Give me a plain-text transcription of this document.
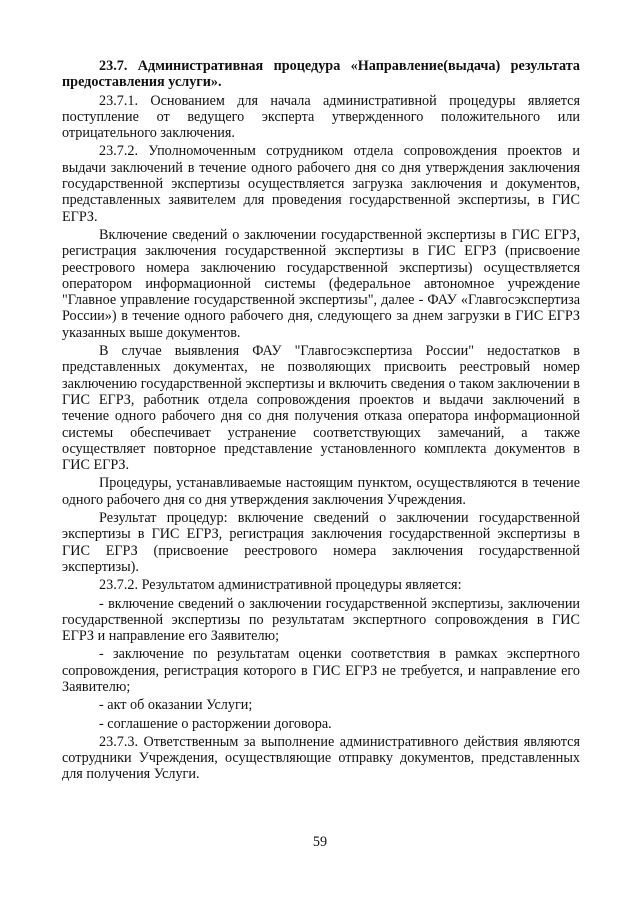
23.7. Административная процедура «Направление(выдача) результата предоставления услуги».

23.7.1. Основанием для начала административной процедуры является поступление от ведущего эксперта утвержденного положительного или отрицательного заключения.

23.7.2. Уполномоченным сотрудником отдела сопровождения проектов и выдачи заключений в течение одного рабочего дня со дня утверждения заключения государственной экспертизы осуществляется загрузка заключения и документов, представленных заявителем для проведения государственной экспертизы, в ГИС ЕГРЗ.

Включение сведений о заключении государственной экспертизы в ГИС ЕГРЗ, регистрация заключения государственной экспертизы в ГИС ЕГРЗ (присвоение реестрового номера заключению государственной экспертизы) осуществляется оператором информационной системы (федеральное автономное учреждение "Главное управление государственной экспертизы", далее - ФАУ «Главгосэкспертиза России») в течение одного рабочего дня, следующего за днем загрузки в ГИС ЕГРЗ указанных выше документов.

В случае выявления ФАУ "Главгосэкспертиза России" недостатков в представленных документах, не позволяющих присвоить реестровый номер заключению государственной экспертизы и включить сведения о таком заключении в ГИС ЕГРЗ, работник отдела сопровождения проектов и выдачи заключений в течение одного рабочего дня со дня получения отказа оператора информационной системы обеспечивает устранение соответствующих замечаний, а также осуществляет повторное представление установленного комплекта документов в ГИС ЕГРЗ.

Процедуры, устанавливаемые настоящим пунктом, осуществляются в течение одного рабочего дня со дня утверждения заключения Учреждения.

Результат процедур: включение сведений о заключении государственной экспертизы в ГИС ЕГРЗ, регистрация заключения государственной экспертизы в ГИС ЕГРЗ (присвоение реестрового номера заключения государственной экспертизы).

23.7.2. Результатом административной процедуры является:

- включение сведений о заключении государственной экспертизы, заключении государственной экспертизы по результатам экспертного сопровождения в ГИС ЕГРЗ и направление его Заявителю;

- заключение по результатам оценки соответствия в рамках экспертного сопровождения, регистрация которого в ГИС ЕГРЗ не требуется, и направление его Заявителю;

- акт об оказании Услуги;

- соглашение о расторжении договора.

23.7.3. Ответственным за выполнение административного действия являются сотрудники Учреждения, осуществляющие отправку документов, представленных для получения Услуги.

59
